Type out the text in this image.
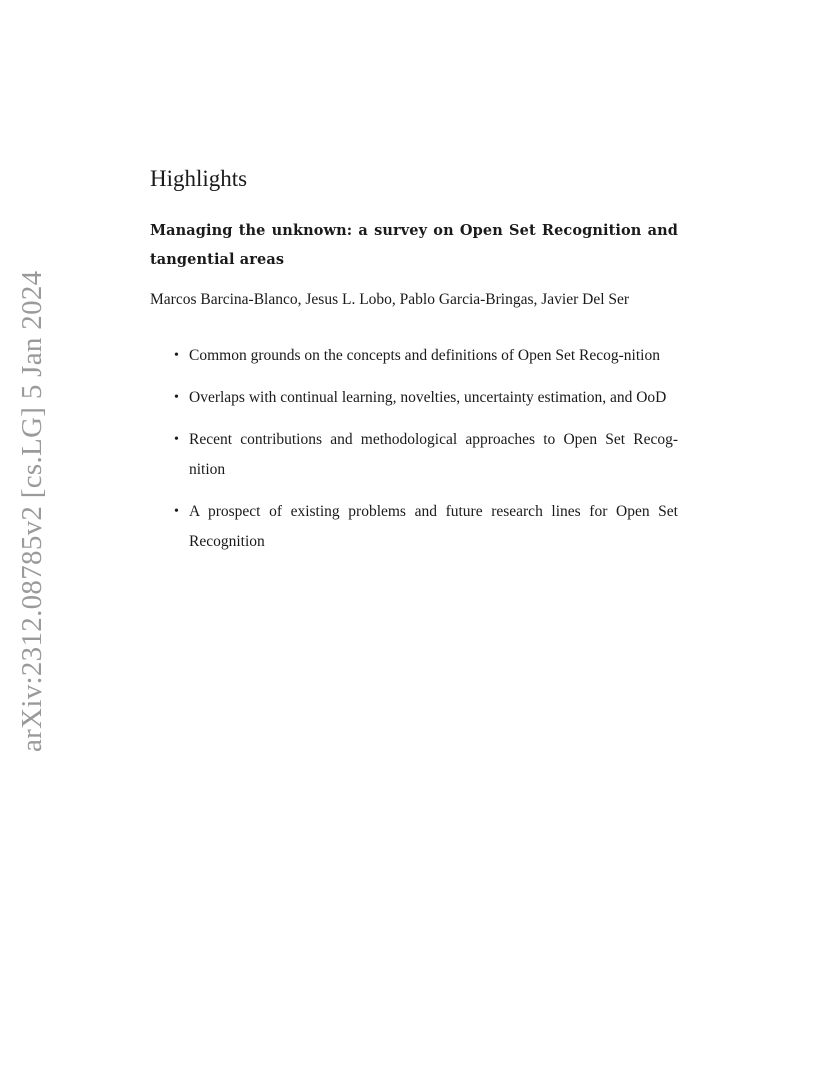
arXiv:2312.08785v2 [cs.LG] 5 Jan 2024
Highlights
Managing the unknown: a survey on Open Set Recognition and tangential areas
Marcos Barcina-Blanco, Jesus L. Lobo, Pablo Garcia-Bringas, Javier Del Ser
• Common grounds on the concepts and definitions of Open Set Recog-nition
• Overlaps with continual learning, novelties, uncertainty estimation, and OoD
• Recent contributions and methodological approaches to Open Set Recog-nition
• A prospect of existing problems and future research lines for Open Set Recognition
